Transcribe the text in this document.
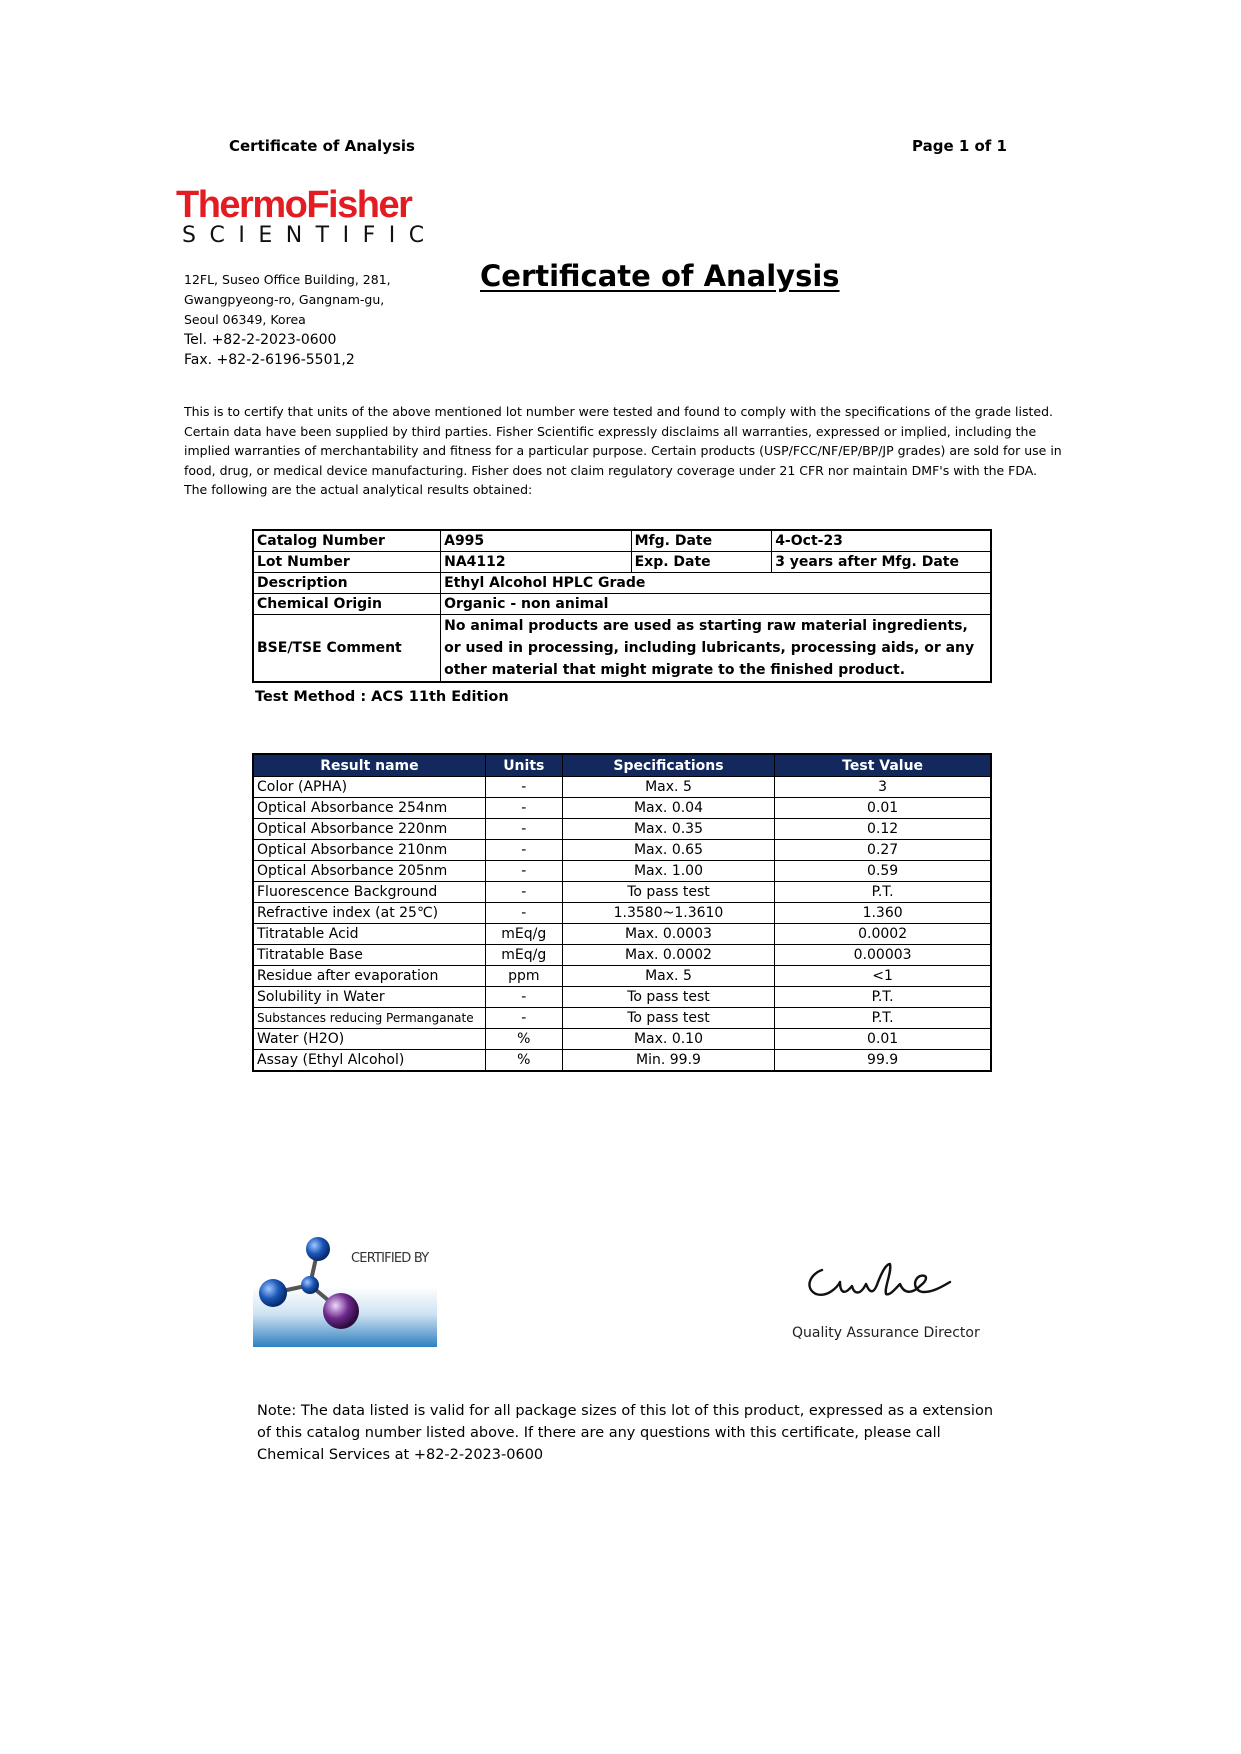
Certificate of Analysis	Page 1 of 1
ThermoFisher
SCIENTIFIC
12FL, Suseo Office Building, 281,
Gwangpyeong-ro, Gangnam-gu,
Seoul 06349, Korea
Tel. +82-2-2023-0600
Fax. +82-2-6196-5501,2
Certificate of Analysis
This is to certify that units of the above mentioned lot number were tested and found to comply with the specifications of the grade listed. Certain data have been supplied by third parties. Fisher Scientific expressly disclaims all warranties, expressed or implied, including the implied warranties of merchantability and fitness for a particular purpose. Certain products (USP/FCC/NF/EP/BP/JP grades) are sold for use in food, drug, or medical device manufacturing. Fisher does not claim regulatory coverage under 21 CFR nor maintain DMF's with the FDA. The following are the actual analytical results obtained:
Catalog Number	A995	Mfg. Date	4-Oct-23
Lot Number	NA4112	Exp. Date	3 years after Mfg. Date
Description	Ethyl Alcohol HPLC Grade		
Chemical Origin	Organic - non animal		
BSE/TSE Comment	No animal products are used as starting raw material ingredients, or used in processing, including lubricants, processing aids, or any other material that might migrate to the finished product.		
Test Method : ACS 11th Edition
Result name	Units	Specifications	Test Value
Color (APHA)	-	Max. 5	3
Optical Absorbance 254nm	-	Max. 0.04	0.01
Optical Absorbance 220nm	-	Max. 0.35	0.12
Optical Absorbance 210nm	-	Max. 0.65	0.27
Optical Absorbance 205nm	-	Max. 1.00	0.59
Fluorescence Background	-	To pass test	P.T.
Refractive index (at 25℃)	-	1.3580~1.3610	1.360
Titratable Acid	mEq/g	Max. 0.0003	0.0002
Titratable Base	mEq/g	Max. 0.0002	0.00003
Residue after evaporation	ppm	Max. 5	<1
Solubility in Water	-	To pass test	P.T.
Substances reducing Permanganate	-	To pass test	P.T.
Water (H2O)	%	Max. 0.10	0.01
Assay (Ethyl Alcohol)	%	Min. 99.9	99.9
CERTIFIED BY
Quality Assurance Director
Note: The data listed is valid for all package sizes of this lot of this product, expressed as a extension of this catalog number listed above. If there are any questions with this certificate, please call Chemical Services at +82-2-2023-0600
